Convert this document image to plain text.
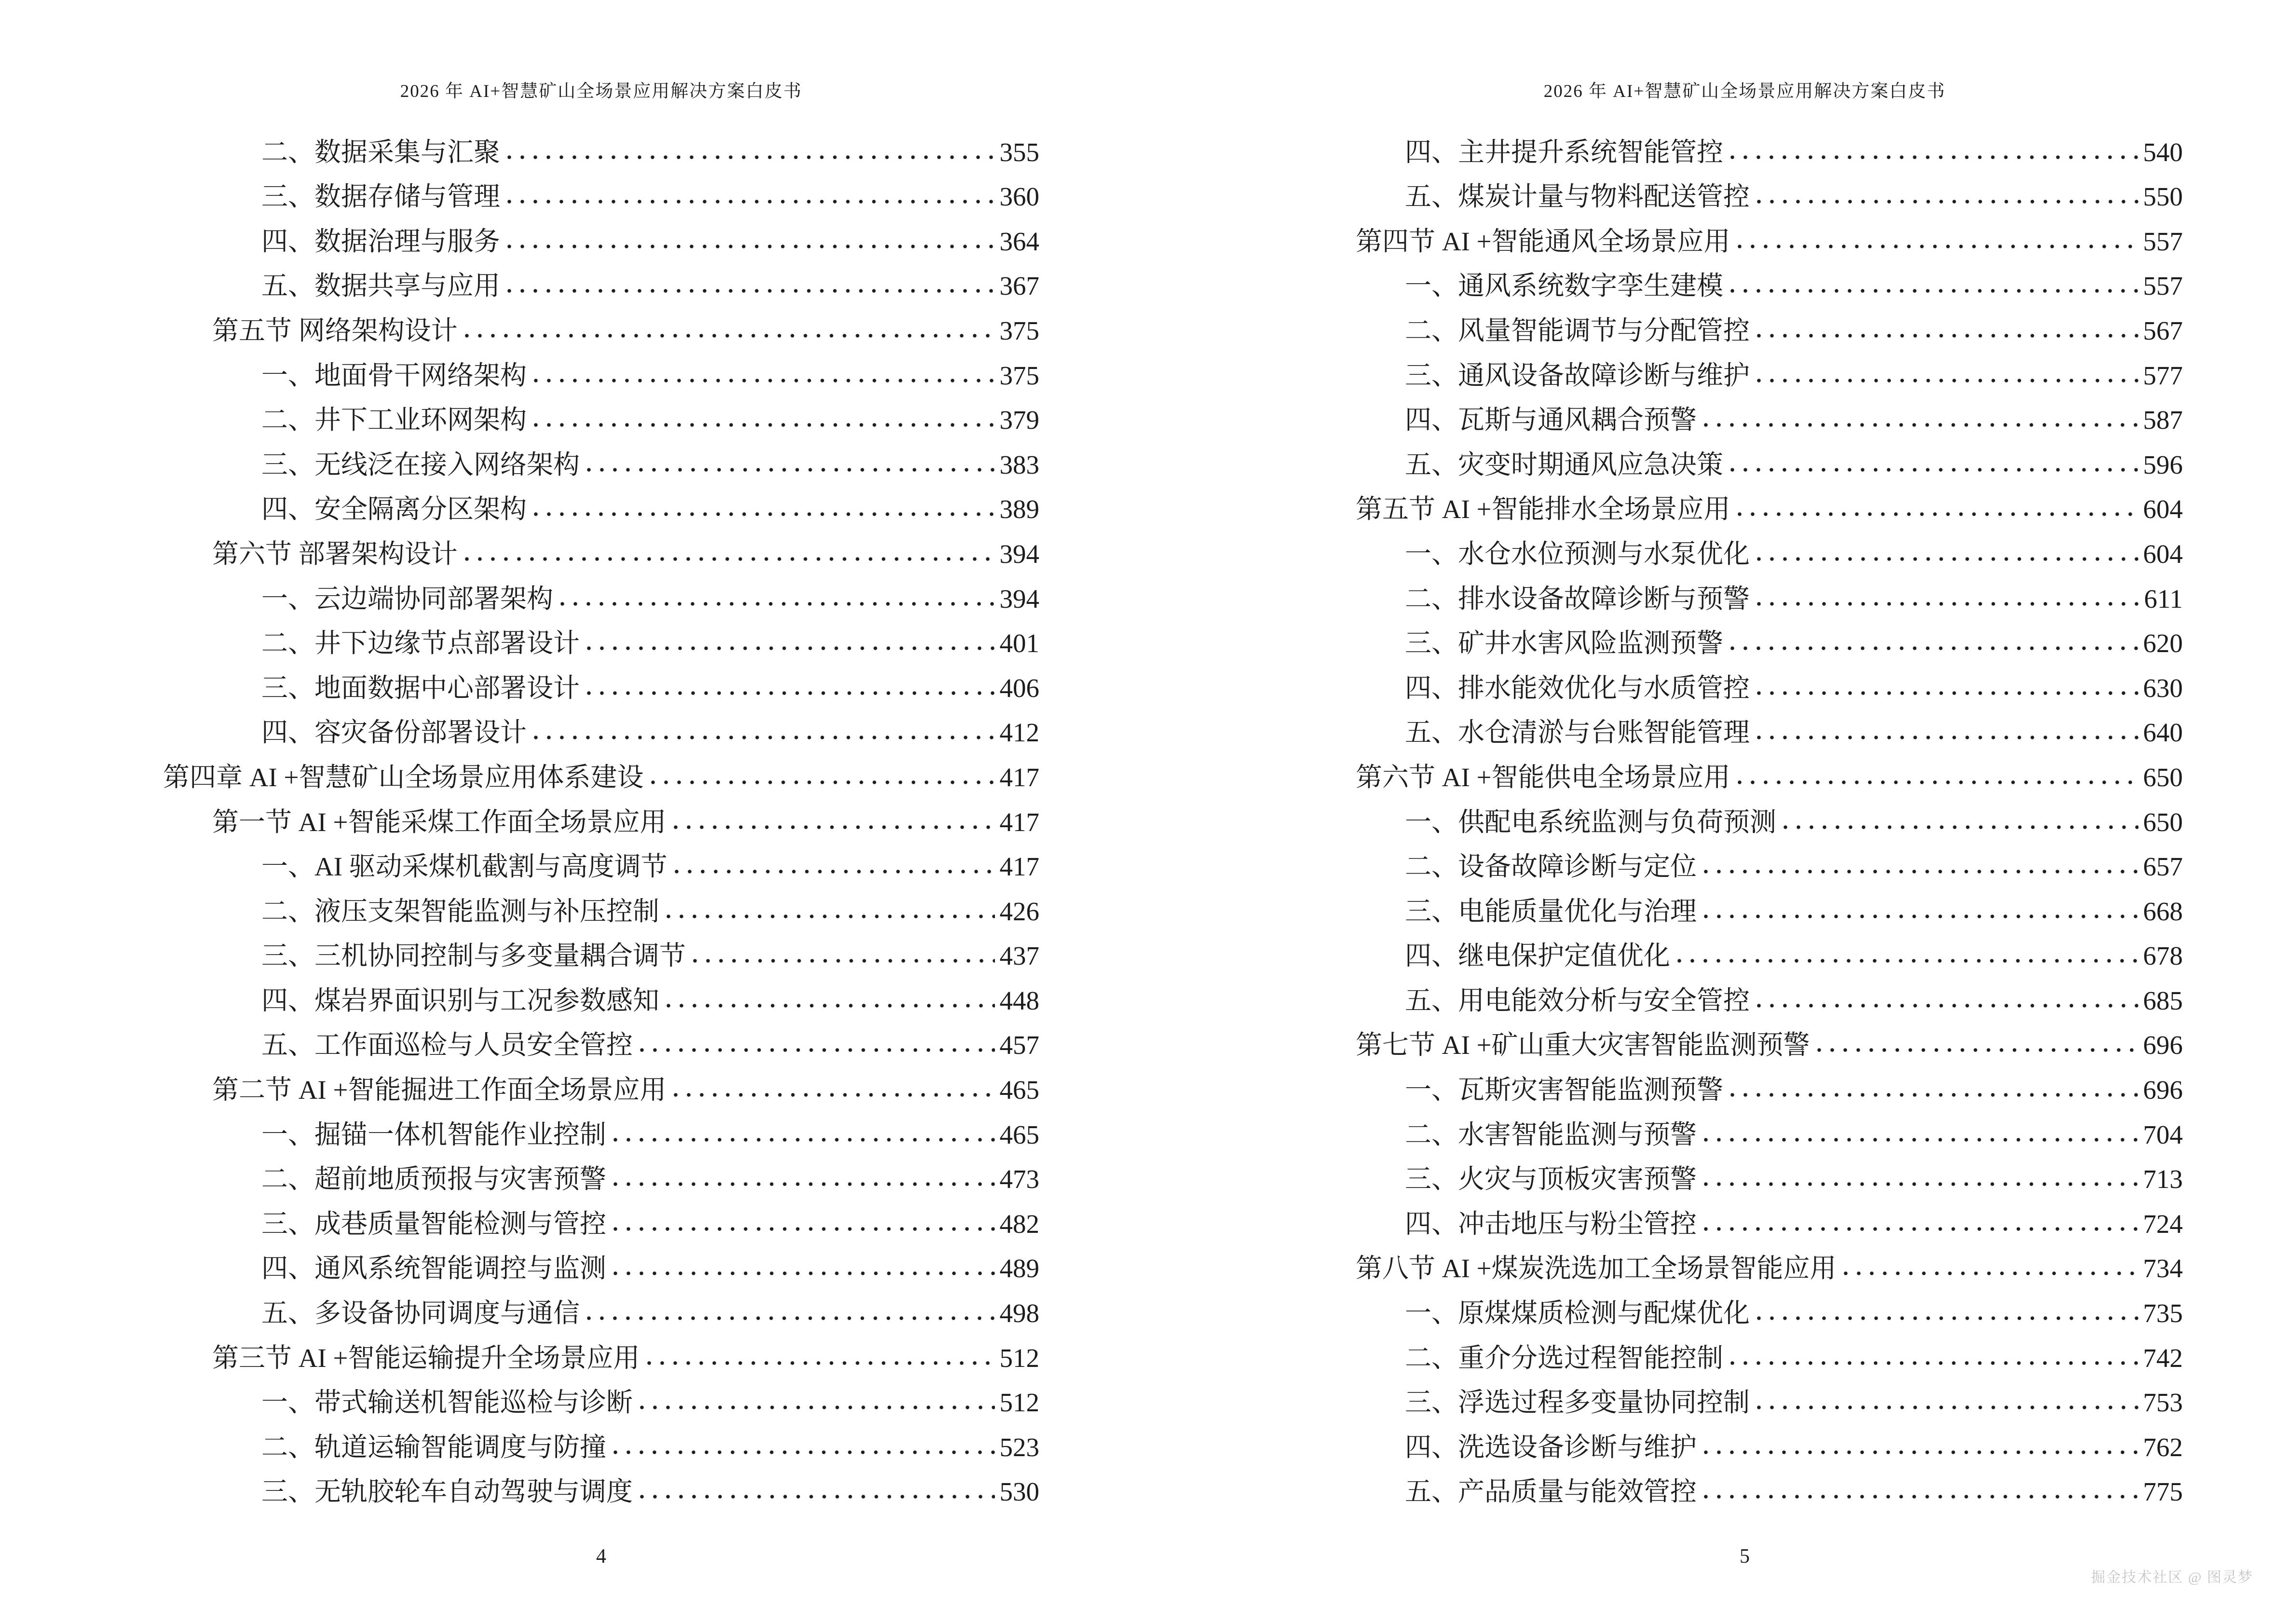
2026 年 AI+智慧矿山全场景应用解决方案白皮书
二、数据采集与汇聚	355
三、数据存储与管理	360
四、数据治理与服务	364
五、数据共享与应用	367
第五节 网络架构设计	375
一、地面骨干网络架构	375
二、井下工业环网架构	379
三、无线泛在接入网络架构	383
四、安全隔离分区架构	389
第六节 部署架构设计	394
一、云边端协同部署架构	394
二、井下边缘节点部署设计	401
三、地面数据中心部署设计	406
四、容灾备份部署设计	412
第四章 AI +智慧矿山全场景应用体系建设	417
第一节 AI +智能采煤工作面全场景应用	417
一、AI 驱动采煤机截割与高度调节	417
二、液压支架智能监测与补压控制	426
三、三机协同控制与多变量耦合调节	437
四、煤岩界面识别与工况参数感知	448
五、工作面巡检与人员安全管控	457
第二节 AI +智能掘进工作面全场景应用	465
一、掘锚一体机智能作业控制	465
二、超前地质预报与灾害预警	473
三、成巷质量智能检测与管控	482
四、通风系统智能调控与监测	489
五、多设备协同调度与通信	498
第三节 AI +智能运输提升全场景应用	512
一、带式输送机智能巡检与诊断	512
二、轨道运输智能调度与防撞	523
三、无轨胶轮车自动驾驶与调度	530
4
2026 年 AI+智慧矿山全场景应用解决方案白皮书
四、主井提升系统智能管控	540
五、煤炭计量与物料配送管控	550
第四节 AI +智能通风全场景应用	557
一、通风系统数字孪生建模	557
二、风量智能调节与分配管控	567
三、通风设备故障诊断与维护	577
四、瓦斯与通风耦合预警	587
五、灾变时期通风应急决策	596
第五节 AI +智能排水全场景应用	604
一、水仓水位预测与水泵优化	604
二、排水设备故障诊断与预警	611
三、矿井水害风险监测预警	620
四、排水能效优化与水质管控	630
五、水仓清淤与台账智能管理	640
第六节 AI +智能供电全场景应用	650
一、供配电系统监测与负荷预测	650
二、设备故障诊断与定位	657
三、电能质量优化与治理	668
四、继电保护定值优化	678
五、用电能效分析与安全管控	685
第七节 AI +矿山重大灾害智能监测预警	696
一、瓦斯灾害智能监测预警	696
二、水害智能监测与预警	704
三、火灾与顶板灾害预警	713
四、冲击地压与粉尘管控	724
第八节 AI +煤炭洗选加工全场景智能应用	734
一、原煤煤质检测与配煤优化	735
二、重介分选过程智能控制	742
三、浮选过程多变量协同控制	753
四、洗选设备诊断与维护	762
五、产品质量与能效管控	775
5
掘金技术社区 @ 图灵梦
